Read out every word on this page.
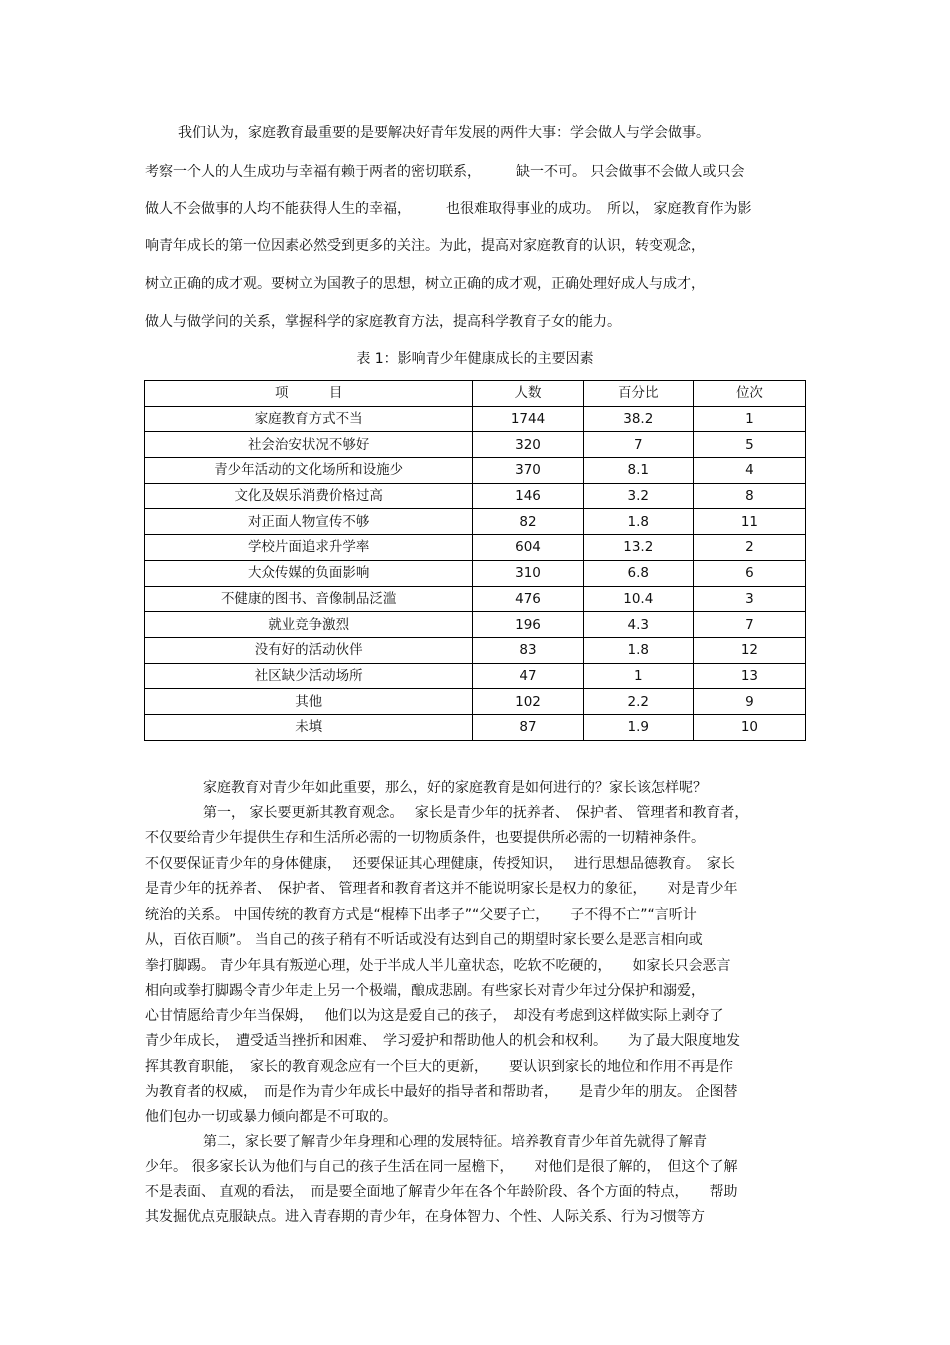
我们认为，家庭教育最重要的是要解决好青年发展的两件大事：学会做人与学会做事。
考察一个人的人生成功与幸福有赖于两者的密切联系，　　　缺一不可。 只会做事不会做人或只会
做人不会做事的人均不能获得人生的幸福，　　　也很难取得事业的成功。　所以， 家庭教育作为影
响青年成长的第一位因素必然受到更多的关注。为此，提高对家庭教育的认识，转变观念，
树立正确的成才观。要树立为国教子的思想，树立正确的成才观，正确处理好成人与成才，
做人与做学问的关系，掌握科学的家庭教育方法，提高科学教育子女的能力。
表 1：影响青少年健康成长的主要因素
项　　　目	人数	百分比	位次
家庭教育方式不当	1744	38.2	1
社会治安状况不够好	320	7	5
青少年活动的文化场所和设施少	370	8.1	4
文化及娱乐消费价格过高	146	3.2	8
对正面人物宣传不够	82	1.8	11
学校片面追求升学率	604	13.2	2
大众传媒的负面影响	310	6.8	6
不健康的图书、音像制品泛滥	476	10.4	3
就业竞争激烈	196	4.3	7
没有好的活动伙伴	83	1.8	12
社区缺少活动场所	47	1	13
其他	102	2.2	9
未填	87	1.9	10
家庭教育对青少年如此重要，那么，好的家庭教育是如何进行的？家长该怎样呢？
第一， 家长要更新其教育观念。　 家长是青少年的抚养者、　保护者、 管理者和教育者，
不仅要给青少年提供生存和生活所必需的一切物质条件，也要提供所必需的一切精神条件。
不仅要保证青少年的身体健康，　 还要保证其心理健康，传授知识，　 进行思想品德教育。　家长
是青少年的抚养者、　保护者、 管理者和教育者这并不能说明家长是权力的象征，　　对是青少年
统治的关系。 中国传统的教育方式是“棍棒下出孝子”“父要子亡，　　子不得不亡”“言听计
从，百依百顺”。 当自己的孩子稍有不听话或没有达到自己的期望时家长要么是恶言相向或
拳打脚踢。 青少年具有叛逆心理，处于半成人半儿童状态，吃软不吃硬的，　　如家长只会恶言
相向或拳打脚踢令青少年走上另一个极端，酿成悲剧。有些家长对青少年过分保护和溺爱，
心甘情愿给青少年当保姆，　 他们以为这是爱自己的孩子，　却没有考虑到这样做实际上剥夺了
青少年成长，　遭受适当挫折和困难、　学习爱护和帮助他人的机会和权利。　　为了最大限度地发
挥其教育职能，　家长的教育观念应有一个巨大的更新，　　要认识到家长的地位和作用不再是作
为教育者的权威，　而是作为青少年成长中最好的指导者和帮助者，　　是青少年的朋友。 企图替
他们包办一切或暴力倾向都是不可取的。
第二，家长要了解青少年身理和心理的发展特征。培养教育青少年首先就得了解青
少年。 很多家长认为他们与自己的孩子生活在同一屋檐下，　　对他们是很了解的，　但这个了解
不是表面、 直观的看法，　而是要全面地了解青少年在各个年龄阶段、各个方面的特点，　　帮助
其发掘优点克服缺点。进入青春期的青少年，在身体智力、个性、人际关系、行为习惯等方
